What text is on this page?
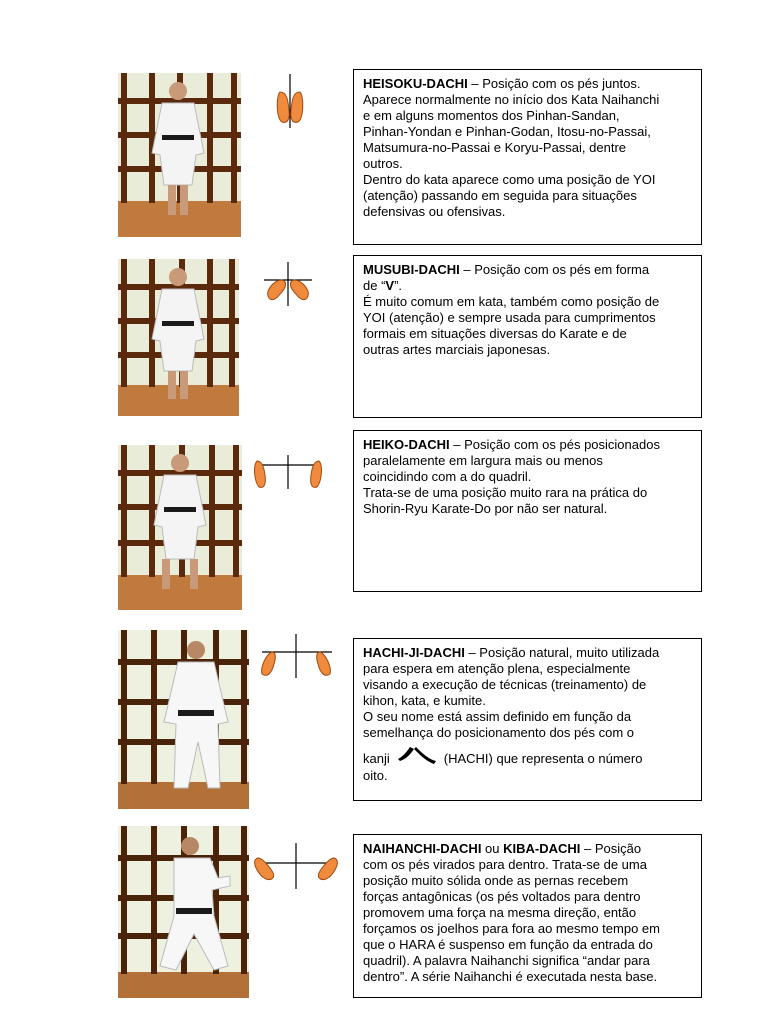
HEISOKU-DACHI – Posição com os pés juntos.
Aparece normalmente no início dos Kata Naihanchi
e em alguns momentos dos Pinhan-Sandan,
Pinhan-Yondan e Pinhan-Godan, Itosu-no-Passai,
Matsumura-no-Passai e Koryu-Passai, dentre
outros.
Dentro do kata aparece como uma posição de YOI
(atenção) passando em seguida para situações
defensivas ou ofensivas.
MUSUBI-DACHI – Posição com os pés em forma
de “V”.
É muito comum em kata, também como posição de
YOI (atenção) e sempre usada para cumprimentos
formais em situações diversas do Karate e de
outras artes marciais japonesas.
HEIKO-DACHI – Posição com os pés posicionados
paralelamente em largura mais ou menos
coincidindo com a do quadril.
Trata-se de uma posição muito rara na prática do
Shorin-Ryu Karate-Do por não ser natural.
HACHI-JI-DACHI – Posição natural, muito utilizada
para espera em atenção plena, especialmente
visando a execução de técnicas (treinamento) de
kihon, kata, e kumite.
O seu nome está assim definido em função da
semelhança do posicionamento dos pés com o
kanji	(HACHI) que representa o número
oito.
NAIHANCHI-DACHI ou KIBA-DACHI – Posição
com os pés virados para dentro. Trata-se de uma
posição muito sólida onde as pernas recebem
forças antagônicas (os pés voltados para dentro
promovem uma força na mesma direção, então
forçamos os joelhos para fora ao mesmo tempo em
que o HARA é suspenso em função da entrada do
quadril). A palavra Naihanchi significa “andar para
dentro”. A série Naihanchi é executada nesta base.
